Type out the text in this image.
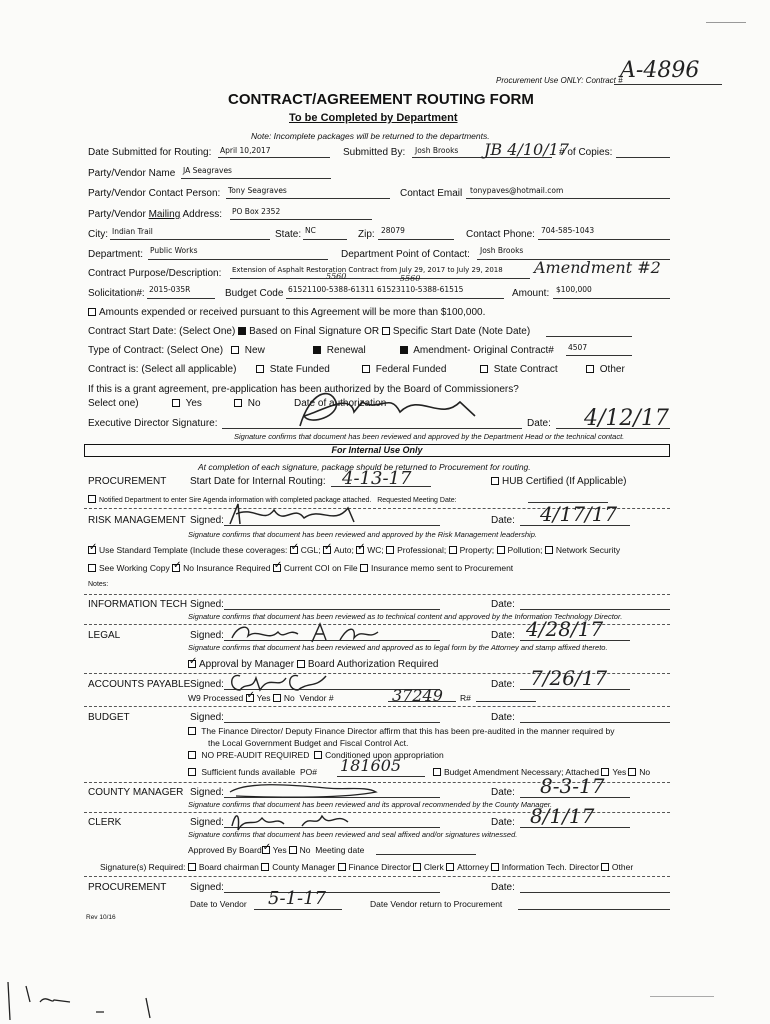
Procurement Use ONLY: Contract #
A-4896
CONTRACT/AGREEMENT ROUTING FORM
To be Completed by Department
Note: Incomplete packages will be returned to the departments.
Date Submitted for Routing: April 10,2017	Submitted By: Josh Brooks JB 4/10/17
# of Copies:
Party/Vendor Name JA Seagraves
Party/Vendor Contact Person: Tony Seagraves	Contact Email tonypaves@hotmail.com
Party/Vendor Mailing Address: PO Box 2352
City: Indian Trail	State: NC	Zip: 28079	Contact Phone: 704-585-1043
Department: Public Works	Department Point of Contact: Josh Brooks
Contract Purpose/Description: Extension of Asphalt Restoration Contract from July 29, 2017 to July 29, 2018 Amendment #2
5560	5560
Solicitation#: 2015-035R	Budget Code 61521100-5388-61311 61523110-5388-61515	Amount: $100,000
Amounts expended or received pursuant to this Agreement will be more than $100,000.
Contract Start Date: (Select One) Based on Final Signature OR Specific Start Date (Note Date)
Type of Contract: (Select One)	New	Renewal	Amendment- Original Contract# 4507
Contract is: (Select all applicable)	State Funded	Federal Funded	State Contract	Other
If this is a grant agreement, pre-application has been authorized by the Board of Commissioners?
Select one)	Yes	No	Date of authorization
Executive Director Signature:	Date: 4/12/17
Signature confirms that document has been reviewed and approved by the Department Head or the technical contact.
For Internal Use Only
At completion of each signature, package should be returned to Procurement for routing.
PROCUREMENT Start Date for Internal Routing: 4-13-17	HUB Certified (If Applicable)
Notified Department to enter Sire Agenda information with completed package attached. Requested Meeting Date:
RISK MANAGEMENT Signed:	Date: 4/17/17
Signature confirms that document has been reviewed and approved by the Risk Management leadership.
✓Use Standard Template (Include these coverages: ✓ CGL; ✓ Auto; ✓ WC; Professional; Property; Pollution; Network Security
See Working Copy ✓ No Insurance Required ✓ Current COI on File Insurance memo sent to Procurement
Notes:
INFORMATION TECH Signed:	Date:
Signature confirms that document has been reviewed as to technical content and approved by the Information Technology Director.
LEGAL	Signed:	Date: 4/28/17
Signature confirms that document has been reviewed and approved as to legal form by the Attorney and stamp affixed thereto.
✓Approval by Manager Board Authorization Required
ACCOUNTS PAYABLE Signed:	Date: 7/26/17
W9 Processed ✓ Yes No Vendor #	37249 R#
BUDGET	Signed:	Date:
The Finance Director/ Deputy Finance Director affirm that this has been pre-audited in the manner required by
the Local Government Budget and Fiscal Control Act.
NO PRE-AUDIT REQUIRED Conditioned upon appropriation
Sufficient funds available PO# 181605	Budget Amendment Necessary; Attached Yes No
COUNTY MANAGER Signed:	Date: 8-3-17
Signature confirms that document has been reviewed and its approval recommended by the County Manager.
CLERK	Signed:	Date: 8/1/17
Signature confirms that document has been reviewed and seal affixed and/or signatures witnessed.
Approved By Board ✓ Yes No Meeting date
Signature(s) Required: Board chairman County Manager Finance Director Clerk Attorney Information Tech. Director Other
PROCUREMENT Signed:	Date:
Date to Vendor 5-1-17	Date Vendor return to Procurement
Rev 10/16
